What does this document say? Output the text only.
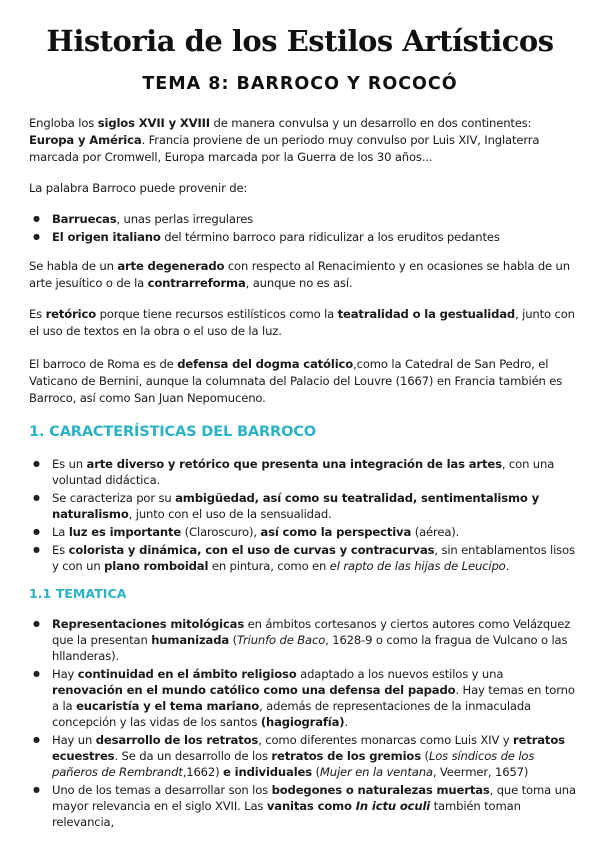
Historia de los Estilos Artísticos
TEMA 8: BARROCO Y ROCOCÓ

Engloba los siglos XVII y XVIII de manera convulsa y un desarrollo en dos continentes: Europa y América. Francia proviene de un periodo muy convulso por Luis XIV, Inglaterra marcada por Cromwell, Europa marcada por la Guerra de los 30 años...

La palabra Barroco puede provenir de:

● Barruecas, unas perlas irregulares
● El origen italiano del término barroco para ridiculizar a los eruditos pedantes

Se habla de un arte degenerado con respecto al Renacimiento y en ocasiones se habla de un arte jesuítico o de la contrarreforma, aunque no es así.

Es retórico porque tiene recursos estilísticos como la teatralidad o la gestualidad, junto con el uso de textos en la obra o el uso de la luz.

El barroco de Roma es de defensa del dogma católico,como la Catedral de San Pedro, el Vaticano de Bernini, aunque la columnata del Palacio del Louvre (1667) en Francia también es Barroco, así como San Juan Nepomuceno.

1. CARACTERÍSTICAS DEL BARROCO
● Es un arte diverso y retórico que presenta una integración de las artes, con una voluntad didáctica.
● Se caracteriza por su ambigüedad, así como su teatralidad, sentimentalismo y naturalismo, junto con el uso de la sensualidad.
● La luz es importante (Claroscuro), así como la perspectiva (aérea).
● Es colorista y dinámica, con el uso de curvas y contracurvas, sin entablamentos lisos y con un plano romboidal en pintura, como en el rapto de las hijas de Leucipo.
1.1 TEMATICA
● Representaciones mitológicas en ámbitos cortesanos y ciertos autores como Velázquez que la presentan humanizada (Triunfo de Baco, 1628-9 o como la fragua de Vulcano o las hllanderas).
● Hay continuidad en el ámbito religioso adaptado a los nuevos estilos y una renovación en el mundo católico como una defensa del papado. Hay temas en torno a la eucaristía y el tema mariano, además de representaciones de la inmaculada concepción y las vidas de los santos (hagiografía).
● Hay un desarrollo de los retratos, como diferentes monarcas como Luis XIV y retratos ecuestres. Se da un desarrollo de los retratos de los gremios (Los síndicos de los pañeros de Rembrandt,1662) e individuales (Mujer en la ventana, Veermer, 1657)
● Uno de los temas a desarrollar son los bodegones o naturalezas muertas, que toma una mayor relevancia en el siglo XVII. Las vanitas como In ictu oculi también toman relevancia,
